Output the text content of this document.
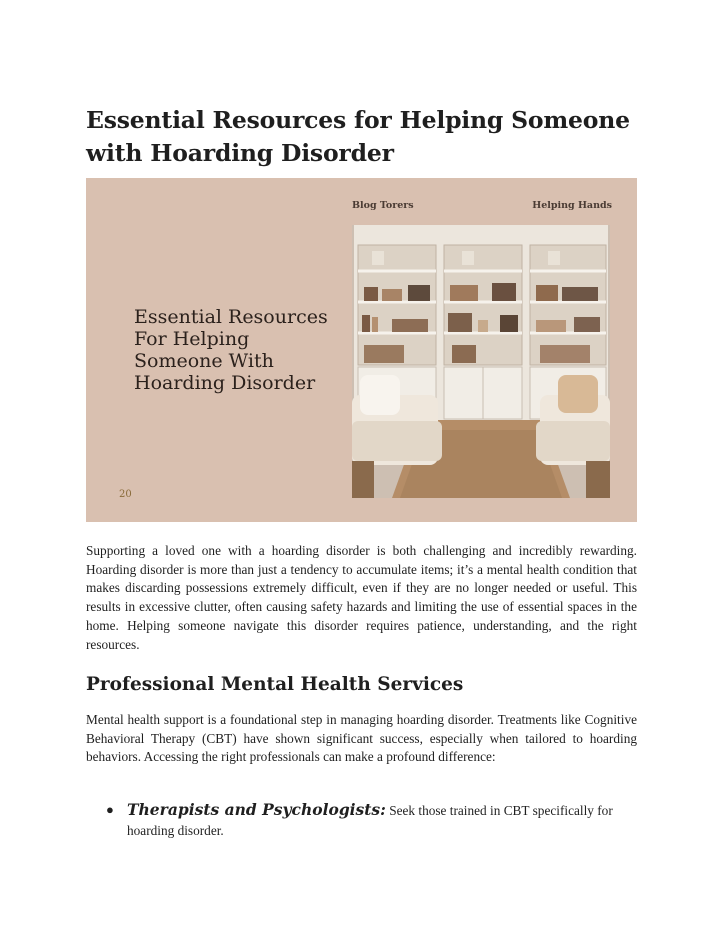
Essential Resources for Helping Someone with Hoarding Disorder
Blog Torers	Helping Hands
Essential Resources For Helping Someone With Hoarding Disorder
20

Supporting a loved one with a hoarding disorder is both challenging and incredibly rewarding. Hoarding disorder is more than just a tendency to accumulate items; it’s a mental health condition that makes discarding possessions extremely difficult, even if they are no longer needed or useful. This results in excessive clutter, often causing safety hazards and limiting the use of essential spaces in the home. Helping someone navigate this disorder requires patience, understanding, and the right resources.

Professional Mental Health Services

Mental health support is a foundational step in managing hoarding disorder. Treatments like Cognitive Behavioral Therapy (CBT) have shown significant success, especially when tailored to hoarding behaviors. Accessing the right professionals can make a profound difference:

● Therapists and Psychologists: Seek those trained in CBT specifically for hoarding disorder.
